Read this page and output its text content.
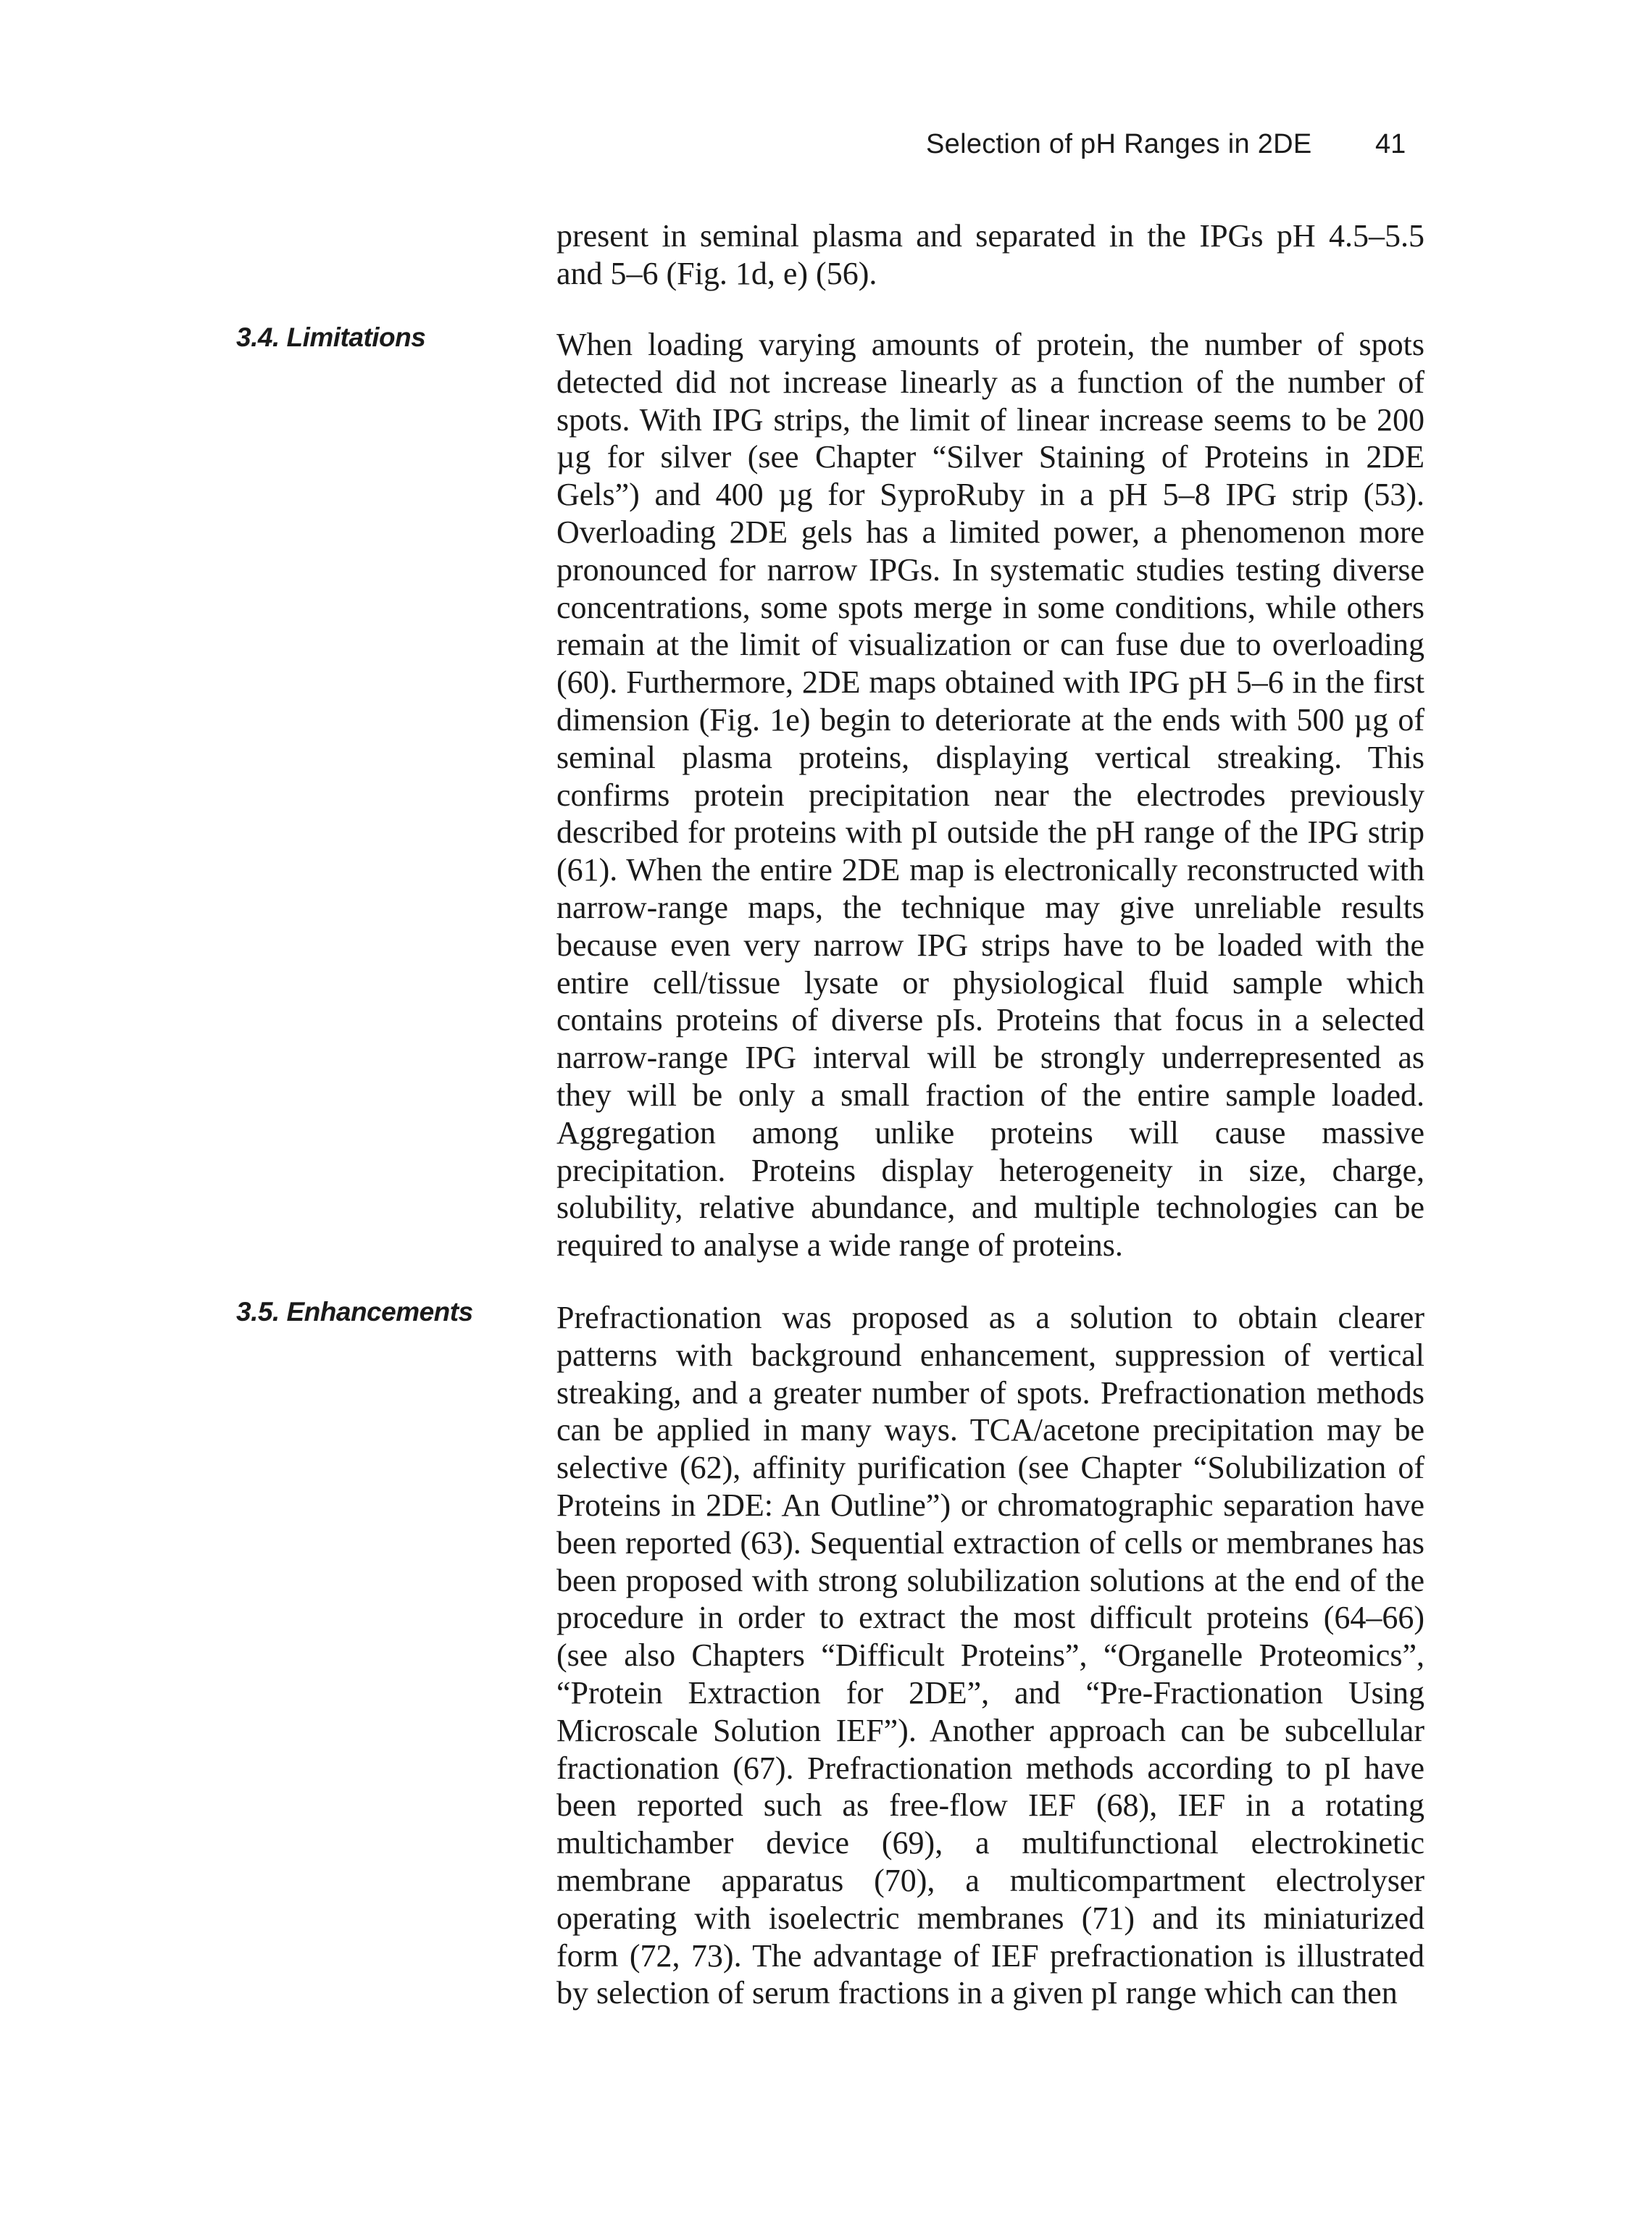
Selection of pH Ranges in 2DE 41

present in seminal plasma and separated in the IPGs pH 4.5–5.5 and 5–6 (Fig. 1d, e) (56).

3.4. Limitations	When loading varying amounts of protein, the number of spots detected did not increase linearly as a function of the number of spots. With IPG strips, the limit of linear increase seems to be 200 µg for silver (see Chapter “Silver Staining of Proteins in 2DE Gels”) and 400 µg for SyproRuby in a pH 5–8 IPG strip (53). Overloading 2DE gels has a limited power, a phenomenon more pronounced for narrow IPGs. In systematic studies testing diverse concentrations, some spots merge in some conditions, while others remain at the limit of visualization or can fuse due to overloading (60). Furthermore, 2DE maps obtained with IPG pH 5–6 in the first dimension (Fig. 1e) begin to deteriorate at the ends with 500 µg of seminal plasma proteins, displaying vertical streaking. This confirms protein precipitation near the electrodes previously described for proteins with pI outside the pH range of the IPG strip (61). When the entire 2DE map is electronically reconstructed with narrow-range maps, the technique may give unreliable results because even very narrow IPG strips have to be loaded with the entire cell/tissue lysate or physiological fluid sample which contains proteins of diverse pIs. Proteins that focus in a selected narrow-range IPG interval will be strongly underrepresented as they will be only a small fraction of the entire sample loaded. Aggregation among unlike proteins will cause massive precipitation. Proteins display heterogeneity in size, charge, solubility, relative abundance, and multiple technologies can be required to analyse a wide range of proteins.

3.5. Enhancements	Prefractionation was proposed as a solution to obtain clearer patterns with background enhancement, suppression of vertical streaking, and a greater number of spots. Prefractionation methods can be applied in many ways. TCA/acetone precipitation may be selective (62), affinity purification (see Chapter “Solubilization of Proteins in 2DE: An Outline”) or chromatographic separation have been reported (63). Sequential extraction of cells or membranes has been proposed with strong solubilization solutions at the end of the procedure in order to extract the most difficult proteins (64–66) (see also Chapters “Difficult Proteins”, “Organelle Proteomics”, “Protein Extraction for 2DE”, and “Pre-Fractionation Using Microscale Solution IEF”). Another approach can be subcellular fractionation (67). Prefractionation methods according to pI have been reported such as free-flow IEF (68), IEF in a rotating multichamber device (69), a multifunctional electrokinetic membrane apparatus (70), a multicompartment electrolyser operating with isoelectric membranes (71) and its miniaturized form (72, 73). The advantage of IEF prefractionation is illustrated by selection of serum fractions in a given pI range which can then
